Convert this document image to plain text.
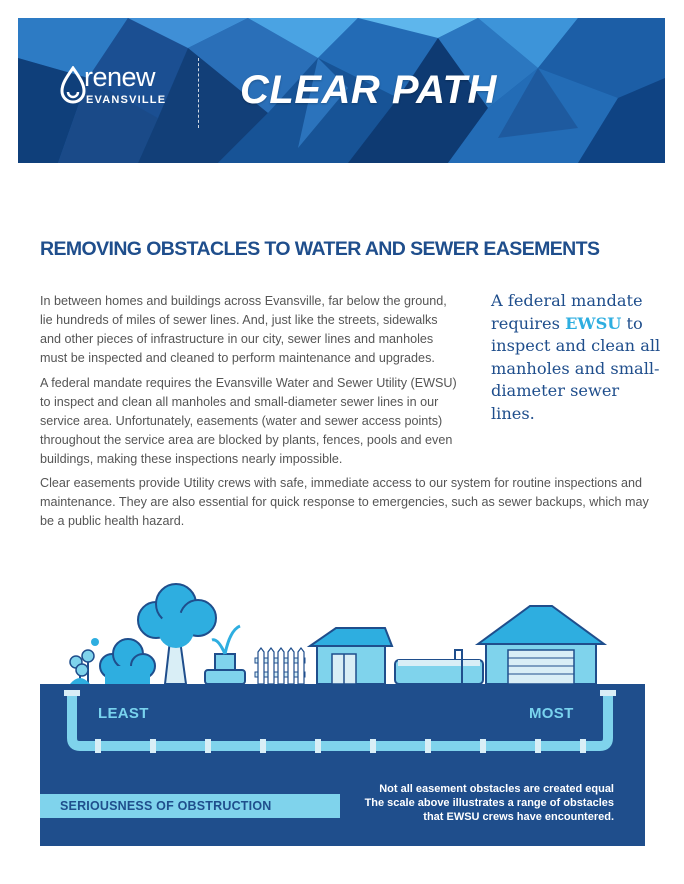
renew
EVANSVILLE CLEAR PATH
REMOVING OBSTACLES TO WATER AND SEWER EASEMENTS

In between homes and buildings across Evansville, far below the ground, lie hundreds of miles of sewer lines. And, just like the streets, sidewalks and other pieces of infrastructure in our city, sewer lines and manholes must be inspected and cleaned to perform maintenance and upgrades.

A federal mandate requires the Evansville Water and Sewer Utility (EWSU) to inspect and clean all manholes and small-diameter sewer lines in our service area. Unfortunately, easements (water and sewer access points) throughout the service area are blocked by plants, fences, pools and even buildings, making these inspections nearly impossible.

Clear easements provide Utility crews with safe, immediate access to our system for routine inspections and maintenance. They are also essential for quick response to emergencies, such as sewer backups, which may be a public health hazard.

A federal mandate requires EWSU to inspect and clean all manholes and small-diameter sewer lines.
LEAST	MOST
SERIOUSNESS OF OBSTRUCTION
Not all easement obstacles are created equal
The scale above illustrates a range of obstacles
that EWSU crews have encountered.
